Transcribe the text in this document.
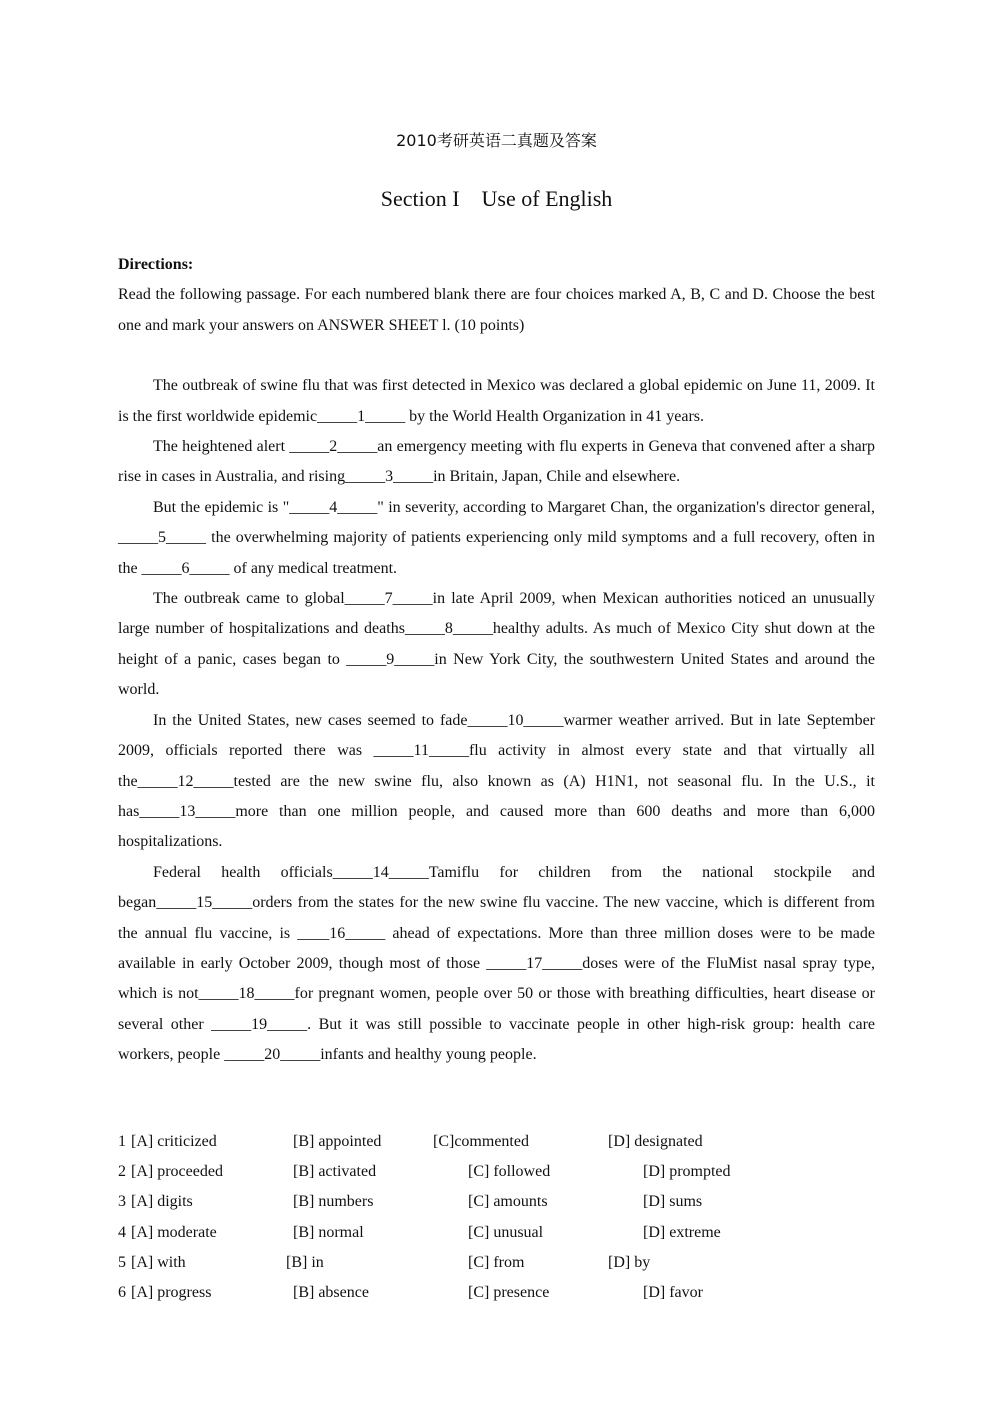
2010考研英语二真题及答案
Section I Use of English
Directions:

Read the following passage. For each numbered blank there are four choices marked A, B, C and D. Choose the best one and mark your answers on ANSWER SHEET l. (10 points)

The outbreak of swine flu that was first detected in Mexico was declared a global epidemic on June 11, 2009. It is the first worldwide epidemic_____1_____ by the World Health Organization in 41 years.

The heightened alert _____2_____an emergency meeting with flu experts in Geneva that convened after a sharp rise in cases in Australia, and rising_____3_____in Britain, Japan, Chile and elsewhere.

But the epidemic is "_____4_____" in severity, according to Margaret Chan, the organization's director general, _____5_____ the overwhelming majority of patients experiencing only mild symptoms and a full recovery, often in the _____6_____ of any medical treatment.

The outbreak came to global_____7_____in late April 2009, when Mexican authorities noticed an unusually large number of hospitalizations and deaths_____8_____healthy adults. As much of Mexico City shut down at the height of a panic, cases began to _____9_____in New York City, the southwestern United States and around the world.

In the United States, new cases seemed to fade_____10_____warmer weather arrived. But in late September 2009, officials reported there was _____11_____flu activity in almost every state and that virtually all the_____12_____tested are the new swine flu, also known as (A) H1N1, not seasonal flu. In the U.S., it has_____13_____more than one million people, and caused more than 600 deaths and more than 6,000 hospitalizations.

Federal health officials_____14_____Tamiflu for children from the national stockpile and began_____15_____orders from the states for the new swine flu vaccine. The new vaccine, which is different from the annual flu vaccine, is ____16_____ ahead of expectations. More than three million doses were to be made available in early October 2009, though most of those _____17_____doses were of the FluMist nasal spray type, which is not_____18_____for pregnant women, people over 50 or those with breathing difficulties, heart disease or several other _____19_____. But it was still possible to vaccinate people in other high-risk group: health care workers, people _____20_____infants and healthy young people.

1 [A] criticized	[B] appointed	[C]commented	[D] designated
2 [A] proceeded	[B] activated	[C] followed	[D] prompted
3 [A] digits	[B] numbers	[C] amounts	[D] sums
4 [A] moderate	[B] normal	[C] unusual	[D] extreme
5 [A] with	[B] in	[C] from	[D] by
6 [A] progress	[B] absence	[C] presence	[D] favor
